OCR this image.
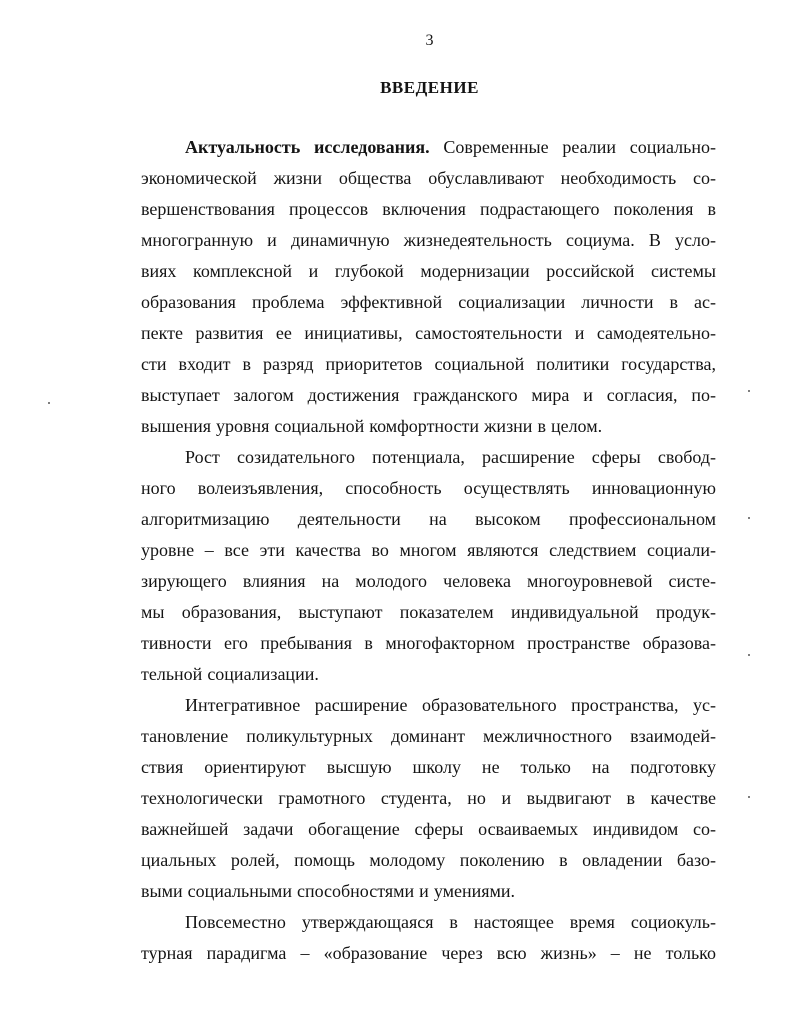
3
ВВЕДЕНИЕ
Актуальность исследования. Современные реалии социально-
экономической жизни общества обуславливают необходимость со-
вершенствования процессов включения подрастающего поколения в
многогранную и динамичную жизнедеятельность социума. В усло-
виях комплексной и глубокой модернизации российской системы
образования проблема эффективной социализации личности в ас-
пекте развития ее инициативы, самостоятельности и самодеятельно-
сти входит в разряд приоритетов социальной политики государства,
выступает залогом достижения гражданского мира и согласия, по-
вышения уровня социальной комфортности жизни в целом.
Рост созидательного потенциала, расширение сферы свобод-
ного волеизъявления, способность осуществлять инновационную
алгоритмизацию деятельности на высоком профессиональном
уровне – все эти качества во многом являются следствием социали-
зирующего влияния на молодого человека многоуровневой систе-
мы образования, выступают показателем индивидуальной продук-
тивности его пребывания в многофакторном пространстве образова-
тельной социализации.
Интегративное расширение образовательного пространства, ус-
тановление поликультурных доминант межличностного взаимодей-
ствия ориентируют высшую школу не только на подготовку
технологически грамотного студента, но и выдвигают в качестве
важнейшей задачи обогащение сферы осваиваемых индивидом со-
циальных ролей, помощь молодому поколению в овладении базо-
выми социальными способностями и умениями.
Повсеместно утверждающаяся в настоящее время социокуль-
турная парадигма – «образование через всю жизнь» – не только
